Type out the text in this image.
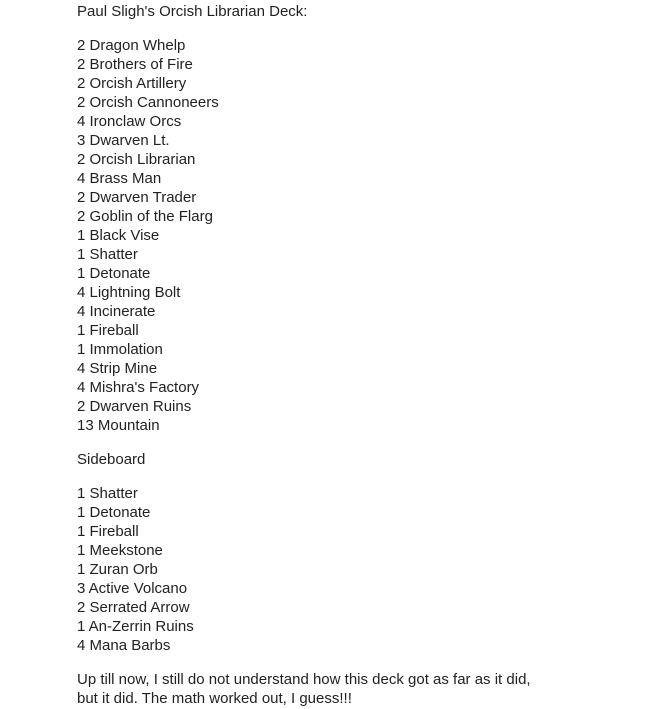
Paul Sligh's Orcish Librarian Deck:
2 Dragon Whelp
2 Brothers of Fire
2 Orcish Artillery
2 Orcish Cannoneers
4 Ironclaw Orcs
3 Dwarven Lt.
2 Orcish Librarian
4 Brass Man
2 Dwarven Trader
2 Goblin of the Flarg
1 Black Vise
1 Shatter
1 Detonate
4 Lightning Bolt
4 Incinerate
1 Fireball
1 Immolation
4 Strip Mine
4 Mishra's Factory
2 Dwarven Ruins
13 Mountain
Sideboard
1 Shatter
1 Detonate
1 Fireball
1 Meekstone
1 Zuran Orb
3 Active Volcano
2 Serrated Arrow
1 An-Zerrin Ruins
4 Mana Barbs
Up till now, I still do not understand how this deck got as far as it did,
but it did. The math worked out, I guess!!!
